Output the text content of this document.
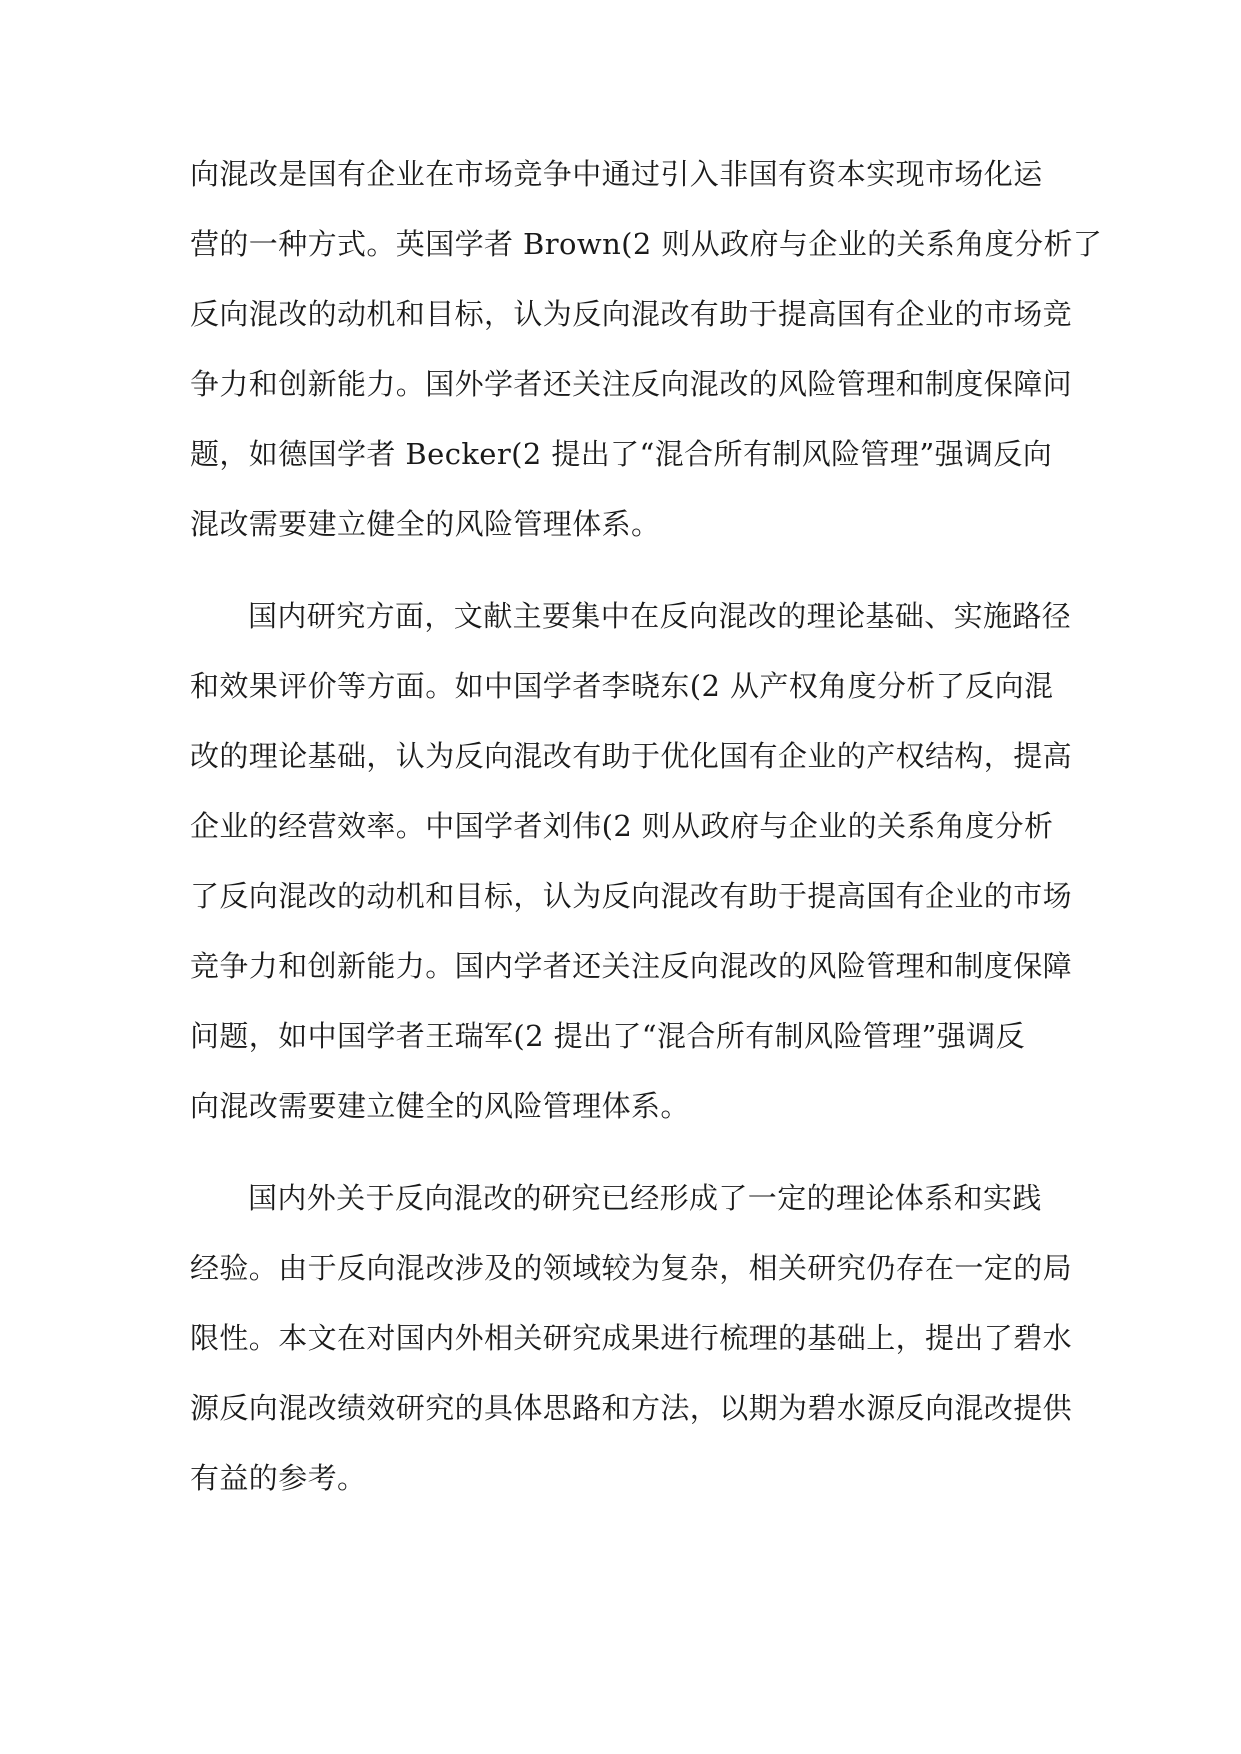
向混改是国有企业在市场竞争中通过引入非国有资本实现市场化运
营的一种方式。英国学者 Brown(2 则从政府与企业的关系角度分析了
反向混改的动机和目标，认为反向混改有助于提高国有企业的市场竞
争力和创新能力。国外学者还关注反向混改的风险管理和制度保障问
题，如德国学者 Becker(2 提出了“混合所有制风险管理”强调反向
混改需要建立健全的风险管理体系。
国内研究方面，文献主要集中在反向混改的理论基础、实施路径
和效果评价等方面。如中国学者李晓东(2 从产权角度分析了反向混
改的理论基础，认为反向混改有助于优化国有企业的产权结构，提高
企业的经营效率。中国学者刘伟(2 则从政府与企业的关系角度分析
了反向混改的动机和目标，认为反向混改有助于提高国有企业的市场
竞争力和创新能力。国内学者还关注反向混改的风险管理和制度保障
问题，如中国学者王瑞军(2 提出了“混合所有制风险管理”强调反
向混改需要建立健全的风险管理体系。
国内外关于反向混改的研究已经形成了一定的理论体系和实践
经验。由于反向混改涉及的领域较为复杂，相关研究仍存在一定的局
限性。本文在对国内外相关研究成果进行梳理的基础上，提出了碧水
源反向混改绩效研究的具体思路和方法，以期为碧水源反向混改提供
有益的参考。
